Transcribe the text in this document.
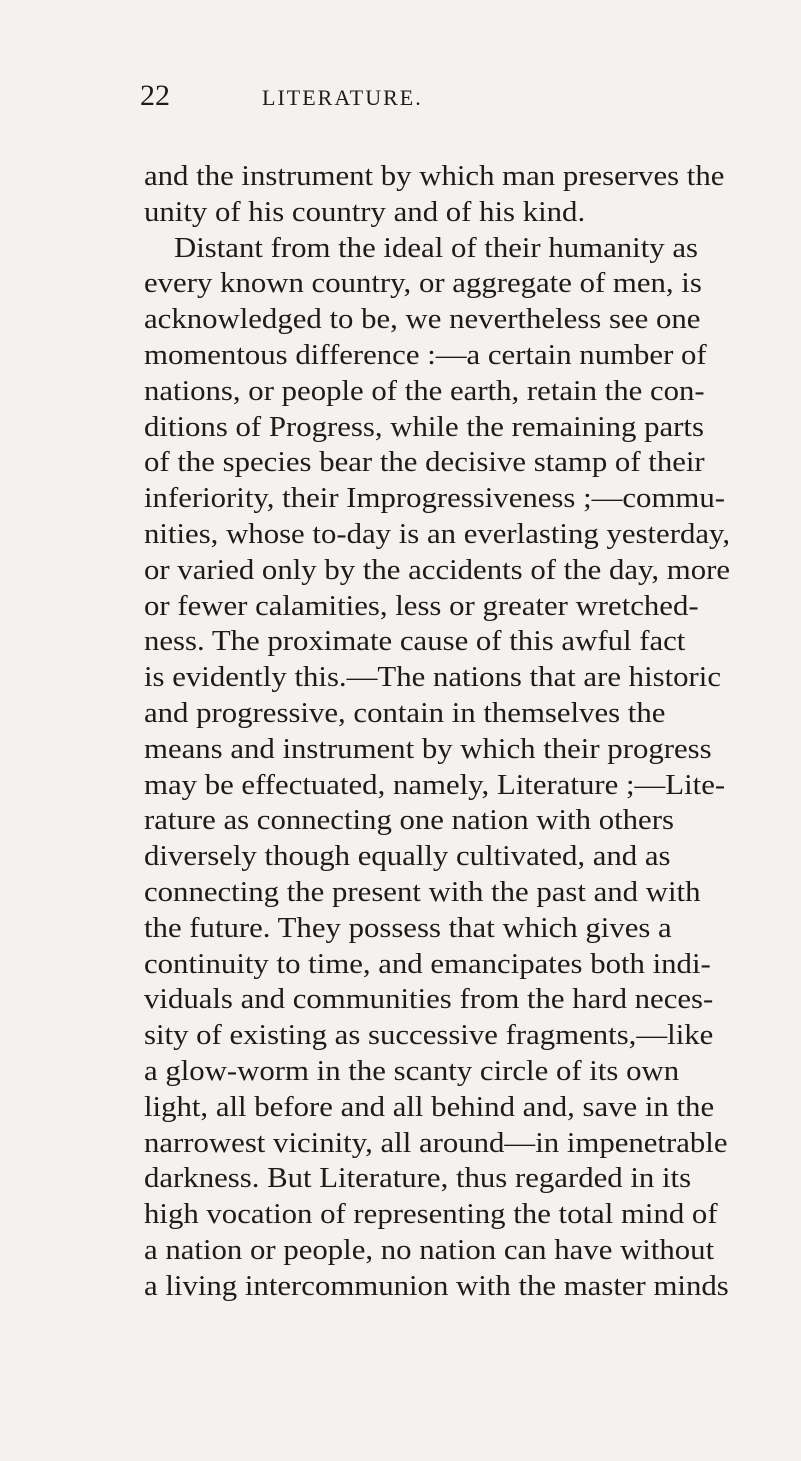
22	LITERATURE.
and the instrument by which man preserves the
unity of his country and of his kind.
Distant from the ideal of their humanity as
every known country, or aggregate of men, is
acknowledged to be, we nevertheless see one
momentous difference :—a certain number of
nations, or people of the earth, retain the con-
ditions of Progress, while the remaining parts
of the species bear the decisive stamp of their
inferiority, their Improgressiveness ;—commu-
nities, whose to-day is an everlasting yesterday,
or varied only by the accidents of the day, more
or fewer calamities, less or greater wretched-
ness. The proximate cause of this awful fact
is evidently this.—The nations that are historic
and progressive, contain in themselves the
means and instrument by which their progress
may be effectuated, namely, Literature ;—Lite-
rature as connecting one nation with others
diversely though equally cultivated, and as
connecting the present with the past and with
the future. They possess that which gives a
continuity to time, and emancipates both indi-
viduals and communities from the hard neces-
sity of existing as successive fragments,—like
a glow-worm in the scanty circle of its own
light, all before and all behind and, save in the
narrowest vicinity, all around—in impenetrable
darkness. But Literature, thus regarded in its
high vocation of representing the total mind of
a nation or people, no nation can have without
a living intercommunion with the master minds
